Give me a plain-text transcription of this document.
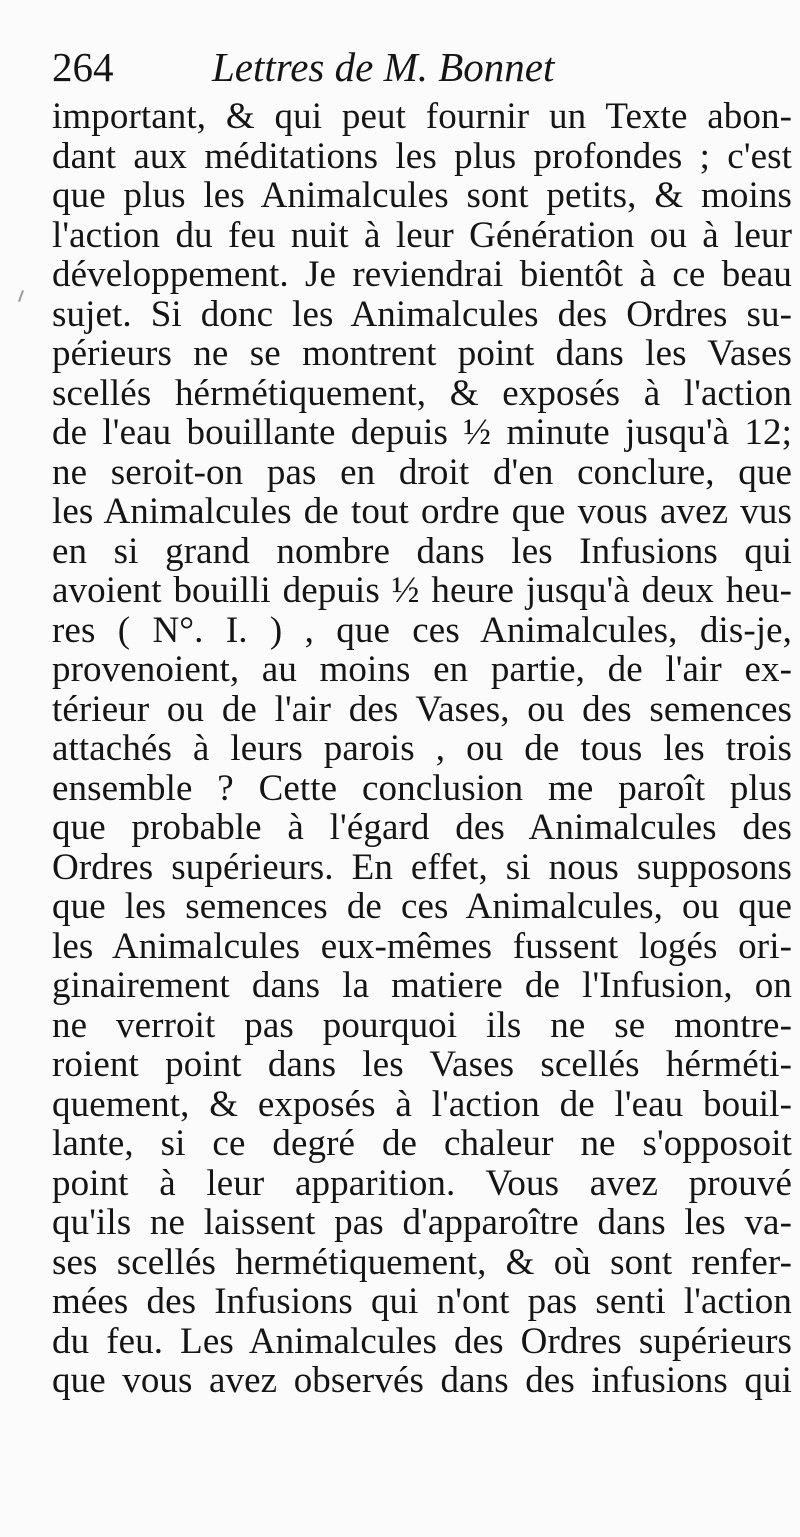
264 Lettres de M. Bonnet
important, & qui peut fournir un Texte abon-
dant aux méditations les plus profondes ; c'est
que plus les Animalcules sont petits, & moins
l'action du feu nuit à leur Génération ou à leur
développement. Je reviendrai bientôt à ce beau
sujet. Si donc les Animalcules des Ordres su-
périeurs ne se montrent point dans les Vases
scellés hérmétiquement, & exposés à l'action
de l'eau bouillante depuis ½ minute jusqu'à 12;
ne seroit-on pas en droit d'en conclure, que
les Animalcules de tout ordre que vous avez vus
en si grand nombre dans les Infusions qui
avoient bouilli depuis ½ heure jusqu'à deux heu-
res ( N°. I. ) , que ces Animalcules, dis-je,
provenoient, au moins en partie, de l'air ex-
térieur ou de l'air des Vases, ou des semences
attachés à leurs parois , ou de tous les trois
ensemble ? Cette conclusion me paroît plus
que probable à l'égard des Animalcules des
Ordres supérieurs. En effet, si nous supposons
que les semences de ces Animalcules, ou que
les Animalcules eux-mêmes fussent logés ori-
ginairement dans la matiere de l'Infusion, on
ne verroit pas pourquoi ils ne se montre-
roient point dans les Vases scellés hérméti-
quement, & exposés à l'action de l'eau bouil-
lante, si ce degré de chaleur ne s'opposoit
point à leur apparition. Vous avez prouvé
qu'ils ne laissent pas d'apparoître dans les va-
ses scellés hermétiquement, & où sont renfer-
mées des Infusions qui n'ont pas senti l'action
du feu. Les Animalcules des Ordres supérieurs
que vous avez observés dans des infusions qui
